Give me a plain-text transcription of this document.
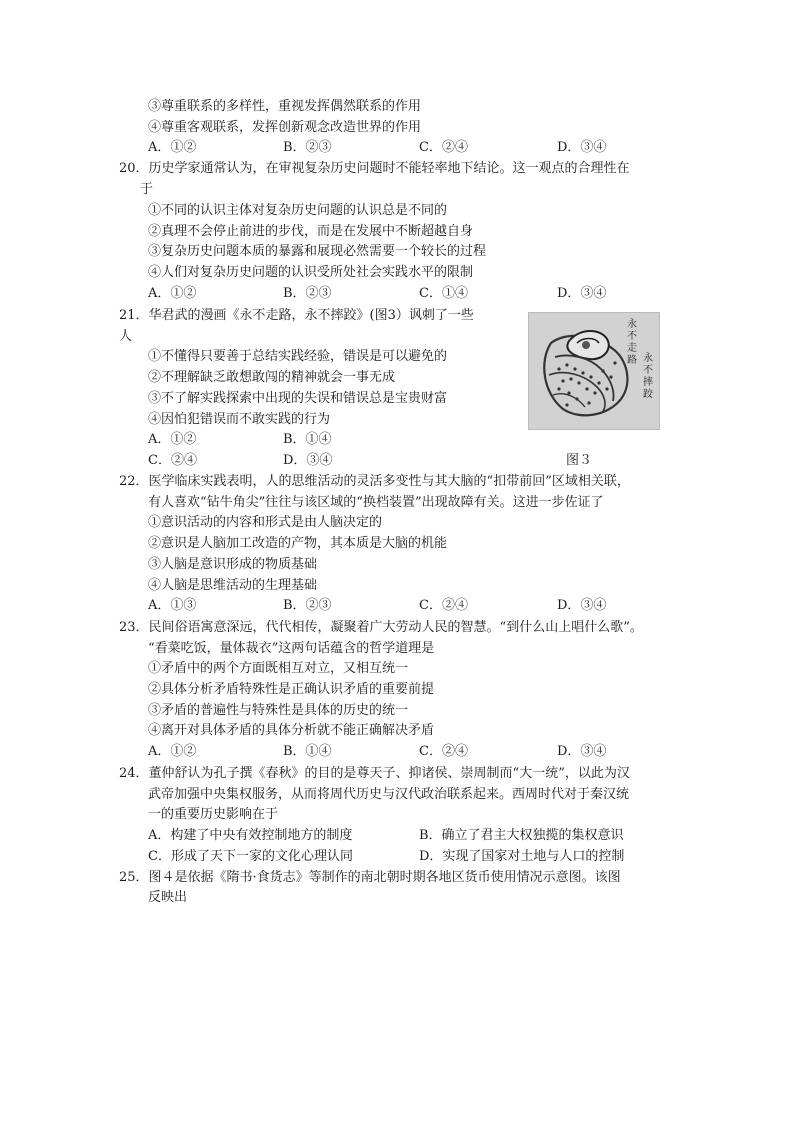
③尊重联系的多样性，重视发挥偶然联系的作用
④尊重客观联系，发挥创新观念改造世界的作用
A．①②	B．②③	C．②④	D．③④
20．历史学家通常认为，在审视复杂历史问题时不能轻率地下结论。这一观点的合理性在
于
①不同的认识主体对复杂历史问题的认识总是不同的
②真理不会停止前进的步伐，而是在发展中不断超越自身
③复杂历史问题本质的暴露和展现必然需要一个较长的过程
④人们对复杂历史问题的认识受所处社会实践水平的限制
A．①②	B．②③	C．①④	D．③④
21．华君武的漫画《永不走路，永不摔跤》(图3）讽刺了一些
人
①不懂得只要善于总结实践经验，错误是可以避免的
②不理解缺乏敢想敢闯的精神就会一事无成
③不了解实践探索中出现的失误和错误总是宝贵财富
④因怕犯错误而不敢实践的行为
A．①②	B．①④
C．②④	D．③④
永
不
走
路 永
不
摔
跤
图３
22．医学临床实践表明，人的思维活动的灵活多变性与其大脑的“扣带前回”区域相关联，
有人喜欢“钻牛角尖”往往与该区域的“换档装置”出现故障有关。这进一步佐证了
①意识活动的内容和形式是由人脑决定的
②意识是人脑加工改造的产物，其本质是大脑的机能
③人脑是意识形成的物质基础
④人脑是思维活动的生理基础
A．①③	B．②③	C．②④	D．③④
23．民间俗语寓意深远，代代相传，凝聚着广大劳动人民的智慧。“到什么山上唱什么歌”。
“看菜吃饭，量体裁衣”这两句话蕴含的哲学道理是
①矛盾中的两个方面既相互对立，又相互统一
②具体分析矛盾特殊性是正确认识矛盾的重要前提
③矛盾的普遍性与特殊性是具体的历史的统一
④离开对具体矛盾的具体分析就不能正确解决矛盾
A．①②	B．①④	C．②④	D．③④
24．董仲舒认为孔子撰《春秋》的目的是尊天子、抑诸侯、崇周制而“大一统”，以此为汉
武帝加强中央集权服务，从而将周代历史与汉代政治联系起来。西周时代对于秦汉统
一的重要历史影响在于
A．构建了中央有效控制地方的制度	B．确立了君主大权独揽的集权意识
C．形成了天下一家的文化心理认同	D．实现了国家对土地与人口的控制
25．图４是依据《隋书·食货志》等制作的南北朝时期各地区货币使用情况示意图。该图
反映出
